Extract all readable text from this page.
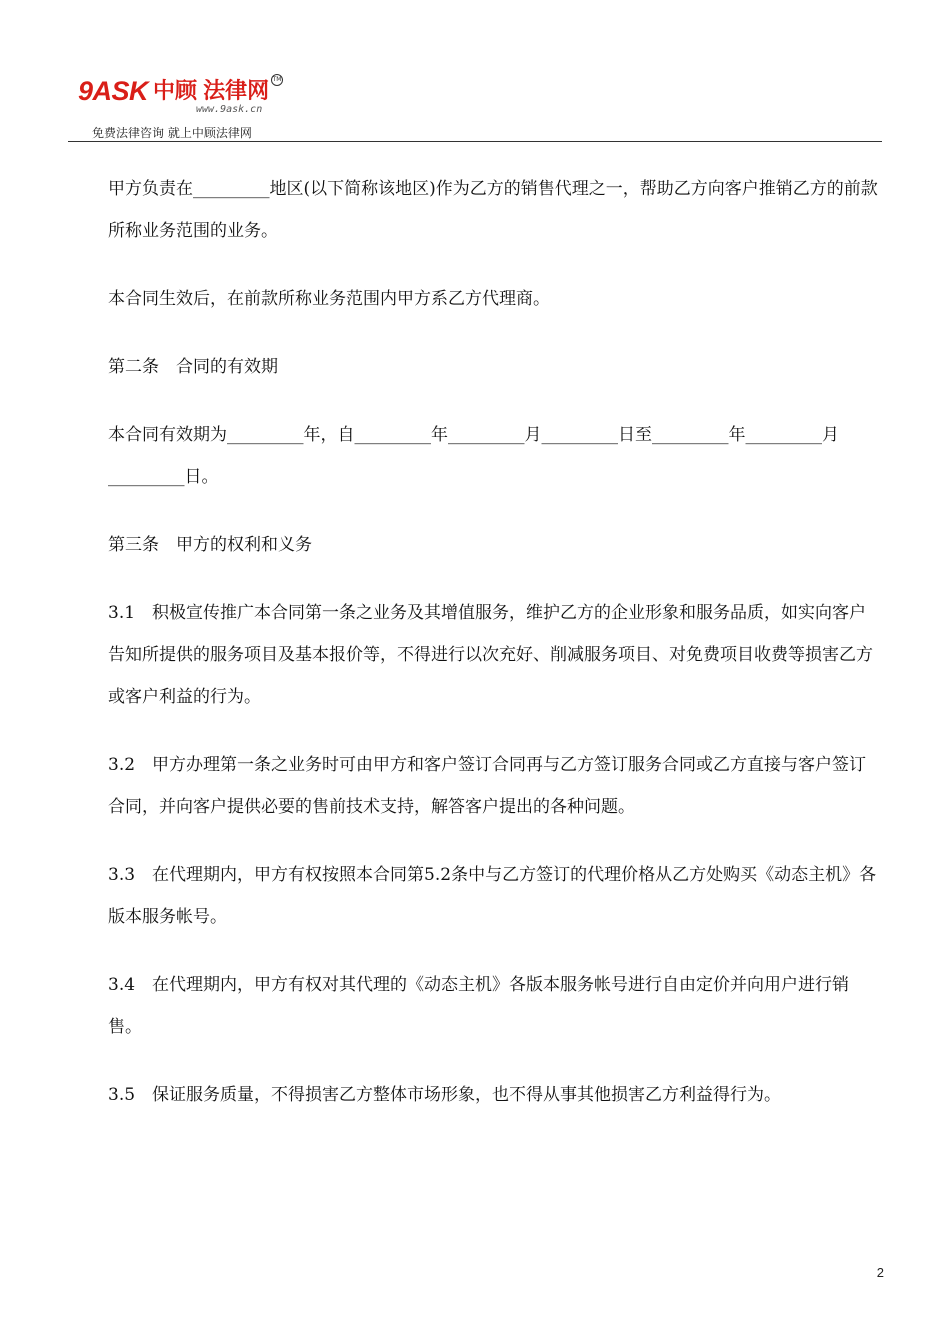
9ASK 中顾 法律网 TM
www.9ask.cn
免费法律咨询 就上中顾法律网

甲方负责在_________地区(以下简称该地区)作为乙方的销售代理之一，帮助乙方向客户推销乙方的前款所称业务范围的业务。

本合同生效后，在前款所称业务范围内甲方系乙方代理商。

第二条　合同的有效期

本合同有效期为_________年，自_________年_________月_________日至_________年_________月_________日。

第三条　甲方的权利和义务

3.1　积极宣传推广本合同第一条之业务及其增值服务，维护乙方的企业形象和服务品质，如实向客户告知所提供的服务项目及基本报价等，不得进行以次充好、削减服务项目、对免费项目收费等损害乙方或客户利益的行为。

3.2　甲方办理第一条之业务时可由甲方和客户签订合同再与乙方签订服务合同或乙方直接与客户签订合同，并向客户提供必要的售前技术支持，解答客户提出的各种问题。

3.3　在代理期内，甲方有权按照本合同第5.2条中与乙方签订的代理价格从乙方处购买《动态主机》各版本服务帐号。

3.4　在代理期内，甲方有权对其代理的《动态主机》各版本服务帐号进行自由定价并向用户进行销售。

3.5　保证服务质量，不得损害乙方整体市场形象，也不得从事其他损害乙方利益得行为。

2
